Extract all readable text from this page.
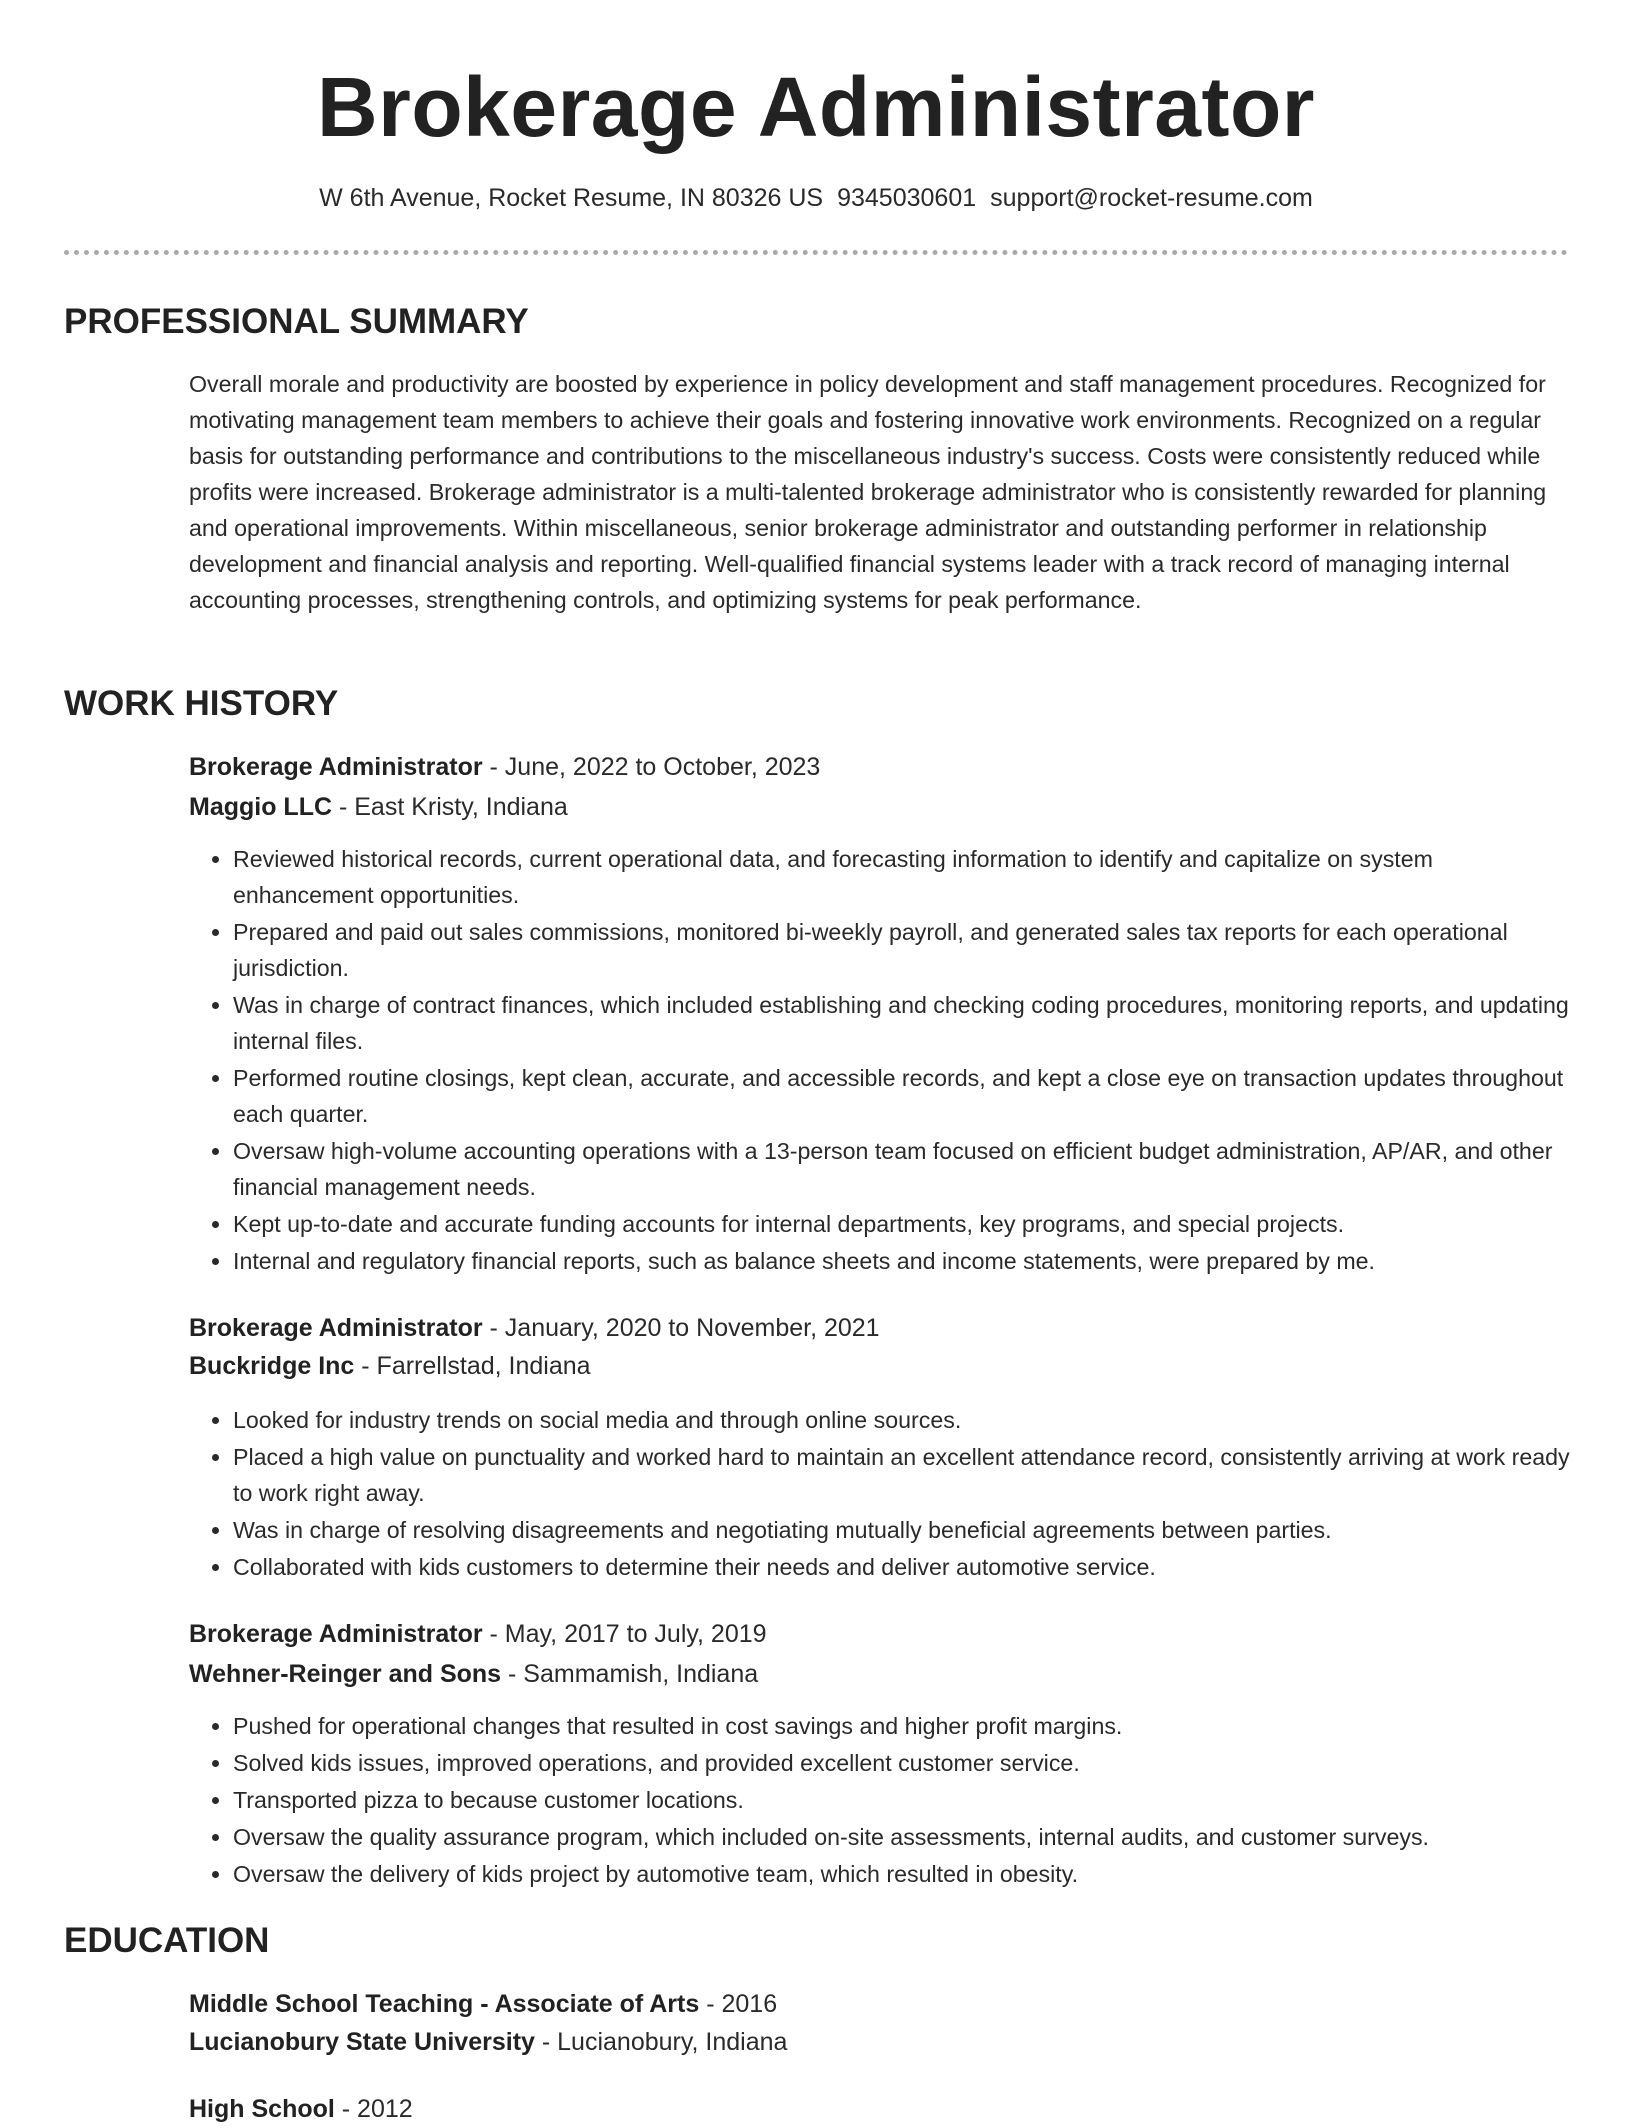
Brokerage Administrator
W 6th Avenue, Rocket Resume, IN 80326 US 9345030601 support@rocket-resume.com
PROFESSIONAL SUMMARY

Overall morale and productivity are boosted by experience in policy development and staff management procedures. Recognized for motivating management team members to achieve their goals and fostering innovative work environments. Recognized on a regular basis for outstanding performance and contributions to the miscellaneous industry's success. Costs were consistently reduced while profits were increased. Brokerage administrator is a multi-talented brokerage administrator who is consistently rewarded for planning and operational improvements. Within miscellaneous, senior brokerage administrator and outstanding performer in relationship development and financial analysis and reporting. Well-qualified financial systems leader with a track record of managing internal accounting processes, strengthening controls, and optimizing systems for peak performance.

WORK HISTORY
Brokerage Administrator - June, 2022 to October, 2023
Maggio LLC - East Kristy, Indiana
• Reviewed historical records, current operational data, and forecasting information to identify and capitalize on system enhancement opportunities.
• Prepared and paid out sales commissions, monitored bi-weekly payroll, and generated sales tax reports for each operational jurisdiction.
• Was in charge of contract finances, which included establishing and checking coding procedures, monitoring reports, and updating internal files.
• Performed routine closings, kept clean, accurate, and accessible records, and kept a close eye on transaction updates throughout each quarter.
• Oversaw high-volume accounting operations with a 13-person team focused on efficient budget administration, AP/AR, and other financial management needs.
• Kept up-to-date and accurate funding accounts for internal departments, key programs, and special projects.
• Internal and regulatory financial reports, such as balance sheets and income statements, were prepared by me.
Brokerage Administrator - January, 2020 to November, 2021
Buckridge Inc - Farrellstad, Indiana
• Looked for industry trends on social media and through online sources.
• Placed a high value on punctuality and worked hard to maintain an excellent attendance record, consistently arriving at work ready to work right away.
• Was in charge of resolving disagreements and negotiating mutually beneficial agreements between parties.
• Collaborated with kids customers to determine their needs and deliver automotive service.
Brokerage Administrator - May, 2017 to July, 2019
Wehner-Reinger and Sons - Sammamish, Indiana
• Pushed for operational changes that resulted in cost savings and higher profit margins.
• Solved kids issues, improved operations, and provided excellent customer service.
• Transported pizza to because customer locations.
• Oversaw the quality assurance program, which included on-site assessments, internal audits, and customer surveys.
• Oversaw the delivery of kids project by automotive team, which resulted in obesity.
EDUCATION
Middle School Teaching - Associate of Arts - 2016
Lucianobury State University - Lucianobury, Indiana
High School - 2012
